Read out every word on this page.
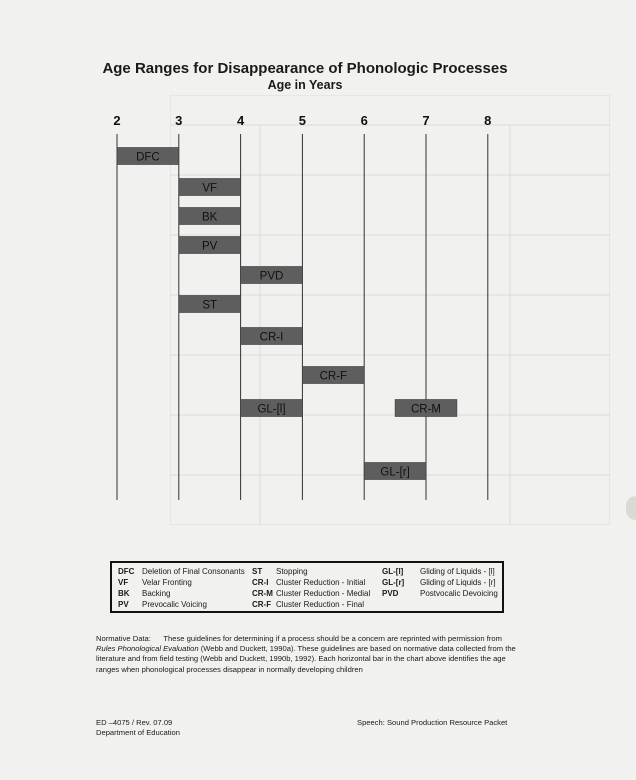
Age Ranges for Disappearance of Phonologic Processes
Age in Years
2	3	4	5	6	7	8
DFC
VF
BK
PV
PVD
ST
CR-I
CR-F
GL-[l]	CR-M
GL-[r]
DFC Deletion of Final Consonants
VF Velar Fronting
BK Backing
PV Prevocalic Voicing
ST Stopping
CR-I Cluster Reduction - Initial
CR-M Cluster Reduction - Medial
CR-F Cluster Reduction - Final
GL-[l] Gliding of Liquids - [l]
GL-[r] Gliding of Liquids - [r]
PVD	Postvocalic Devoicing
Normative Data: These guidelines for determining if a process should be a concern are reprinted with permission from Rules Phonological Evaluation (Webb and Duckett, 1990a). These guidelines are based on normative data collected from the literature and from field testing (Webb and Duckett, 1990b, 1992). Each horizontal bar in the chart above identifies the age ranges when phonological processes disappear in normally developing children
ED –4075 / Rev. 07.09
Department of Education
Speech: Sound Production Resource Packet
